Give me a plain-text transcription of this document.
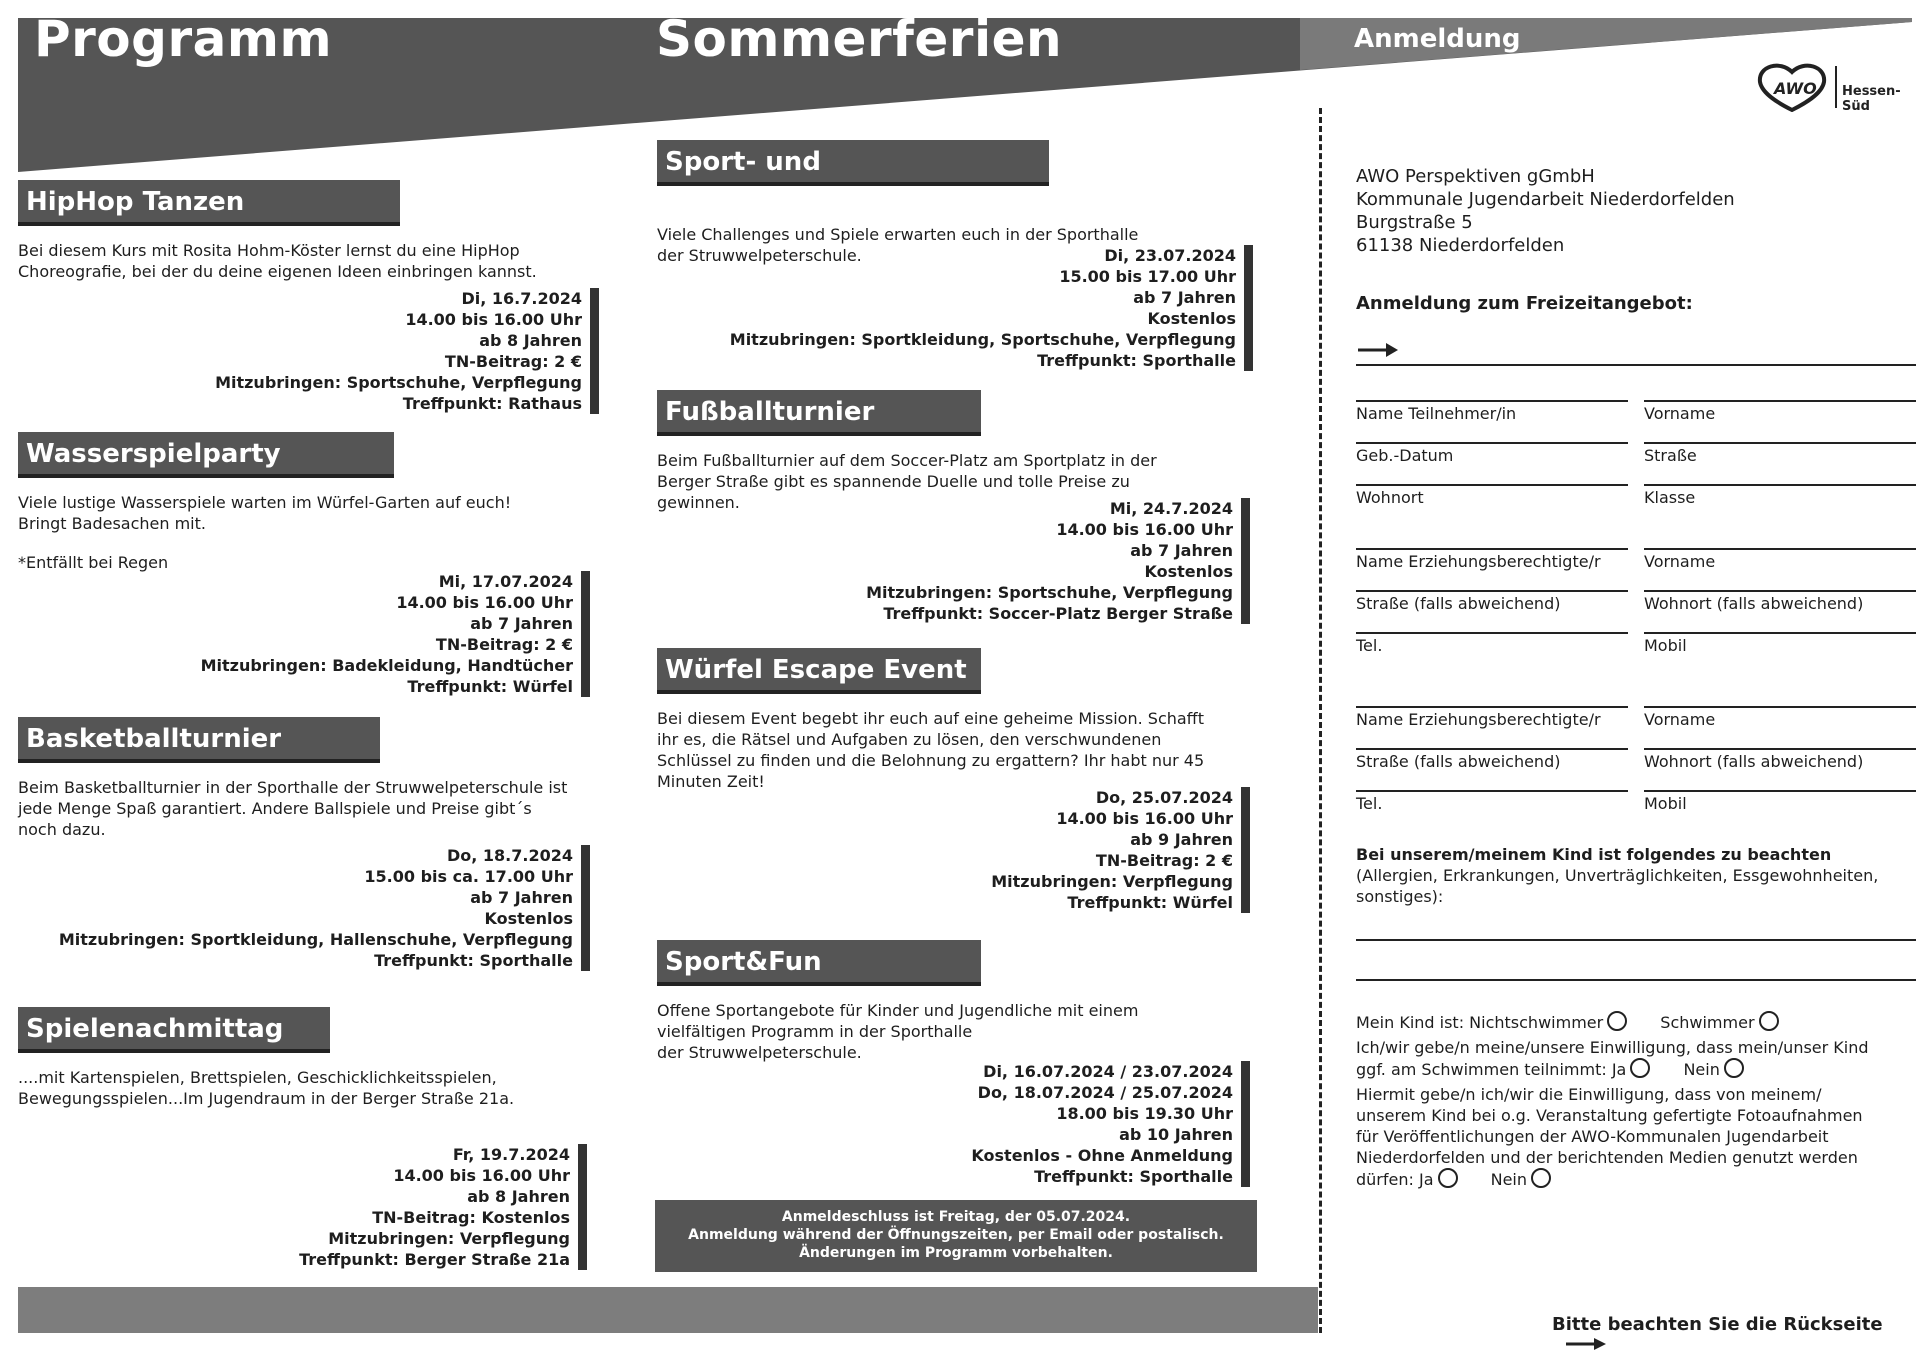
Programm	Sommerferien	Anmeldung
AWO Hessen-Süd
HipHop Tanzen
Bei diesem Kurs mit Rosita Hohm-Köster lernst du eine HipHop
Choreografie, bei der du deine eigenen Ideen einbringen kannst.
Di, 16.7.2024
14.00 bis 16.00 Uhr
ab 8 Jahren
TN-Beitrag: 2 €
Mitzubringen: Sportschuhe, Verpflegung
Treffpunkt: Rathaus
Wasserspielparty
Viele lustige Wasserspiele warten im Würfel-Garten auf euch!
Bringt Badesachen mit.
*Entfällt bei Regen
Mi, 17.07.2024
14.00 bis 16.00 Uhr
ab 7 Jahren
TN-Beitrag: 2 €
Mitzubringen: Badekleidung, Handtücher
Treffpunkt: Würfel
Basketballturnier
Beim Basketballturnier in der Sporthalle der Struwwelpeterschule ist
jede Menge Spaß garantiert. Andere Ballspiele und Preise gibt´s
noch dazu.
Do, 18.7.2024
15.00 bis ca. 17.00 Uhr
ab 7 Jahren
Kostenlos
Mitzubringen: Sportkleidung, Hallenschuhe, Verpflegung
Treffpunkt: Sporthalle
Spielenachmittag
....mit Kartenspielen, Brettspielen, Geschicklichkeitsspielen,
Bewegungsspielen...Im Jugendraum in der Berger Straße 21a.
Fr, 19.7.2024
14.00 bis 16.00 Uhr
ab 8 Jahren
TN-Beitrag: Kostenlos
Mitzubringen: Verpflegung
Treffpunkt: Berger Straße 21a
Sport- und Spielenachmittag
Viele Challenges und Spiele erwarten euch in der Sporthalle
der Struwwelpeterschule.	Di, 23.07.2024
15.00 bis 17.00 Uhr
ab 7 Jahren
Kostenlos
Mitzubringen: Sportkleidung, Sportschuhe, Verpflegung
Treffpunkt: Sporthalle
Fußballturnier
Beim Fußballturnier auf dem Soccer-Platz am Sportplatz in der
Berger Straße gibt es spannende Duelle und tolle Preise zu
gewinnen.	Mi, 24.7.2024
14.00 bis 16.00 Uhr
ab 7 Jahren
Kostenlos
Mitzubringen: Sportschuhe, Verpflegung
Treffpunkt: Soccer-Platz Berger Straße
Würfel Escape Event
Bei diesem Event begebt ihr euch auf eine geheime Mission. Schafft
ihr es, die Rätsel und Aufgaben zu lösen, den verschwundenen
Schlüssel zu finden und die Belohnung zu ergattern? Ihr habt nur 45
Minuten Zeit!
Do, 25.07.2024
14.00 bis 16.00 Uhr
ab 9 Jahren
TN-Beitrag: 2 €
Mitzubringen: Verpflegung
Treffpunkt: Würfel
Sport&Fun
Offene Sportangebote für Kinder und Jugendliche mit einem
vielfältigen Programm in der Sporthalle
der Struwwelpeterschule.
Di, 16.07.2024 / 23.07.2024
Do, 18.07.2024 / 25.07.2024
18.00 bis 19.30 Uhr
ab 10 Jahren
Kostenlos - Ohne Anmeldung
Treffpunkt: Sporthalle
Anmeldeschluss ist Freitag, der 05.07.2024.
Anmeldung während der Öffnungszeiten, per Email oder postalisch.
Änderungen im Programm vorbehalten.
AWO Perspektiven gGmbH
Kommunale Jugendarbeit Niederdorfelden
Burgstraße 5
61138 Niederdorfelden
Anmeldung zum Freizeitangebot:
Name Teilnehmer/in	Vorname
Geb.-Datum	Straße
Wohnort	Klasse
Name Erziehungsberechtigte/r	Vorname
Straße (falls abweichend)	Wohnort (falls abweichend)
Tel.	Mobil
Name Erziehungsberechtigte/r	Vorname
Straße (falls abweichend)	Wohnort (falls abweichend)
Tel.	Mobil
Bei unserem/meinem Kind ist folgendes zu beachten (Allergien, Erkrankungen, Unverträglichkeiten, Essgewohnheiten, sonstiges):
Mein Kind ist: Nichtschwimmer	Schwimmer
Ich/wir gebe/n meine/unsere Einwilligung, dass mein/unser Kind
ggf. am Schwimmen teilnimmt: Ja	Nein
Hiermit gebe/n ich/wir die Einwilligung, dass von meinem/ unserem Kind bei o.g. Veranstaltung gefertigte Fotoaufnahmen für Veröffentlichungen der AWO-Kommunalen Jugendarbeit Niederdorfelden und der berichtenden Medien genutzt werden dürfen: Ja	Nein
Bitte beachten Sie die Rückseite
